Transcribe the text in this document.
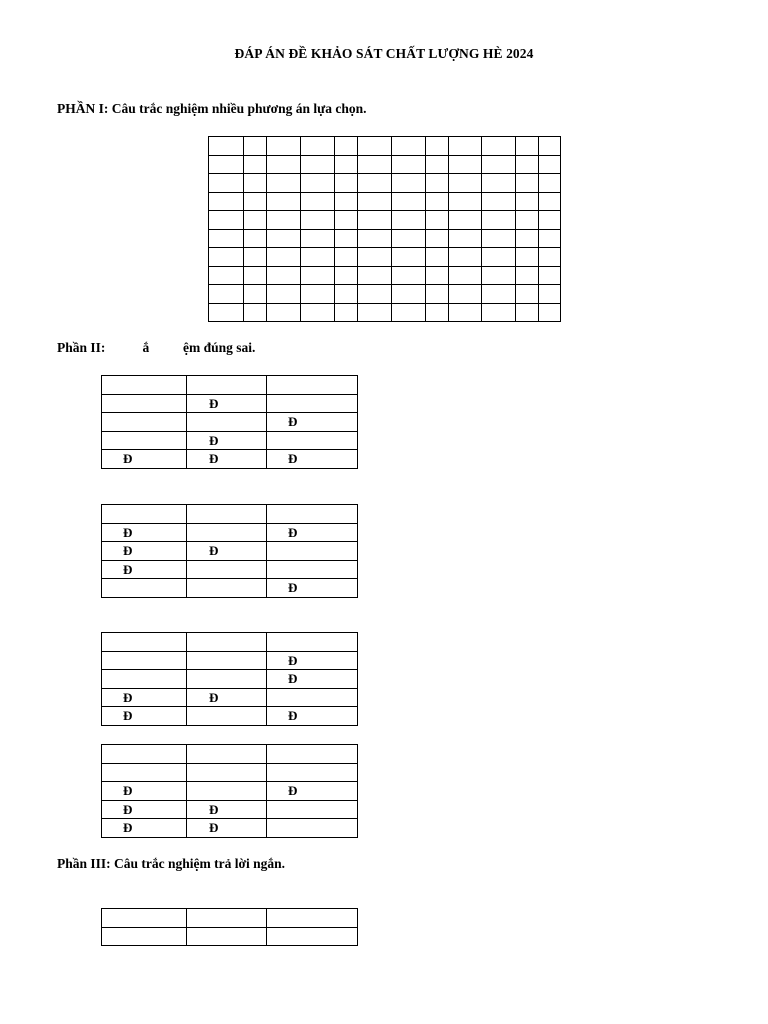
ĐÁP ÁN ĐỀ KHẢO SÁT CHẤT LƯỢNG HÈ 2024
PHẦN I: Câu trắc nghiệm nhiều phương án lựa chọn.

Phần II:           ắ          ệm đúng sai.

	Đ	
		Đ
	Đ	
Đ	Đ	Đ

Đ		Đ
Đ	Đ	
Đ		
		Đ

		Đ
		Đ
Đ	Đ	
Đ		Đ

Đ		Đ
Đ	Đ	
Đ	Đ	
Phần III: Câu trắc nghiệm trả lời ngắn.
